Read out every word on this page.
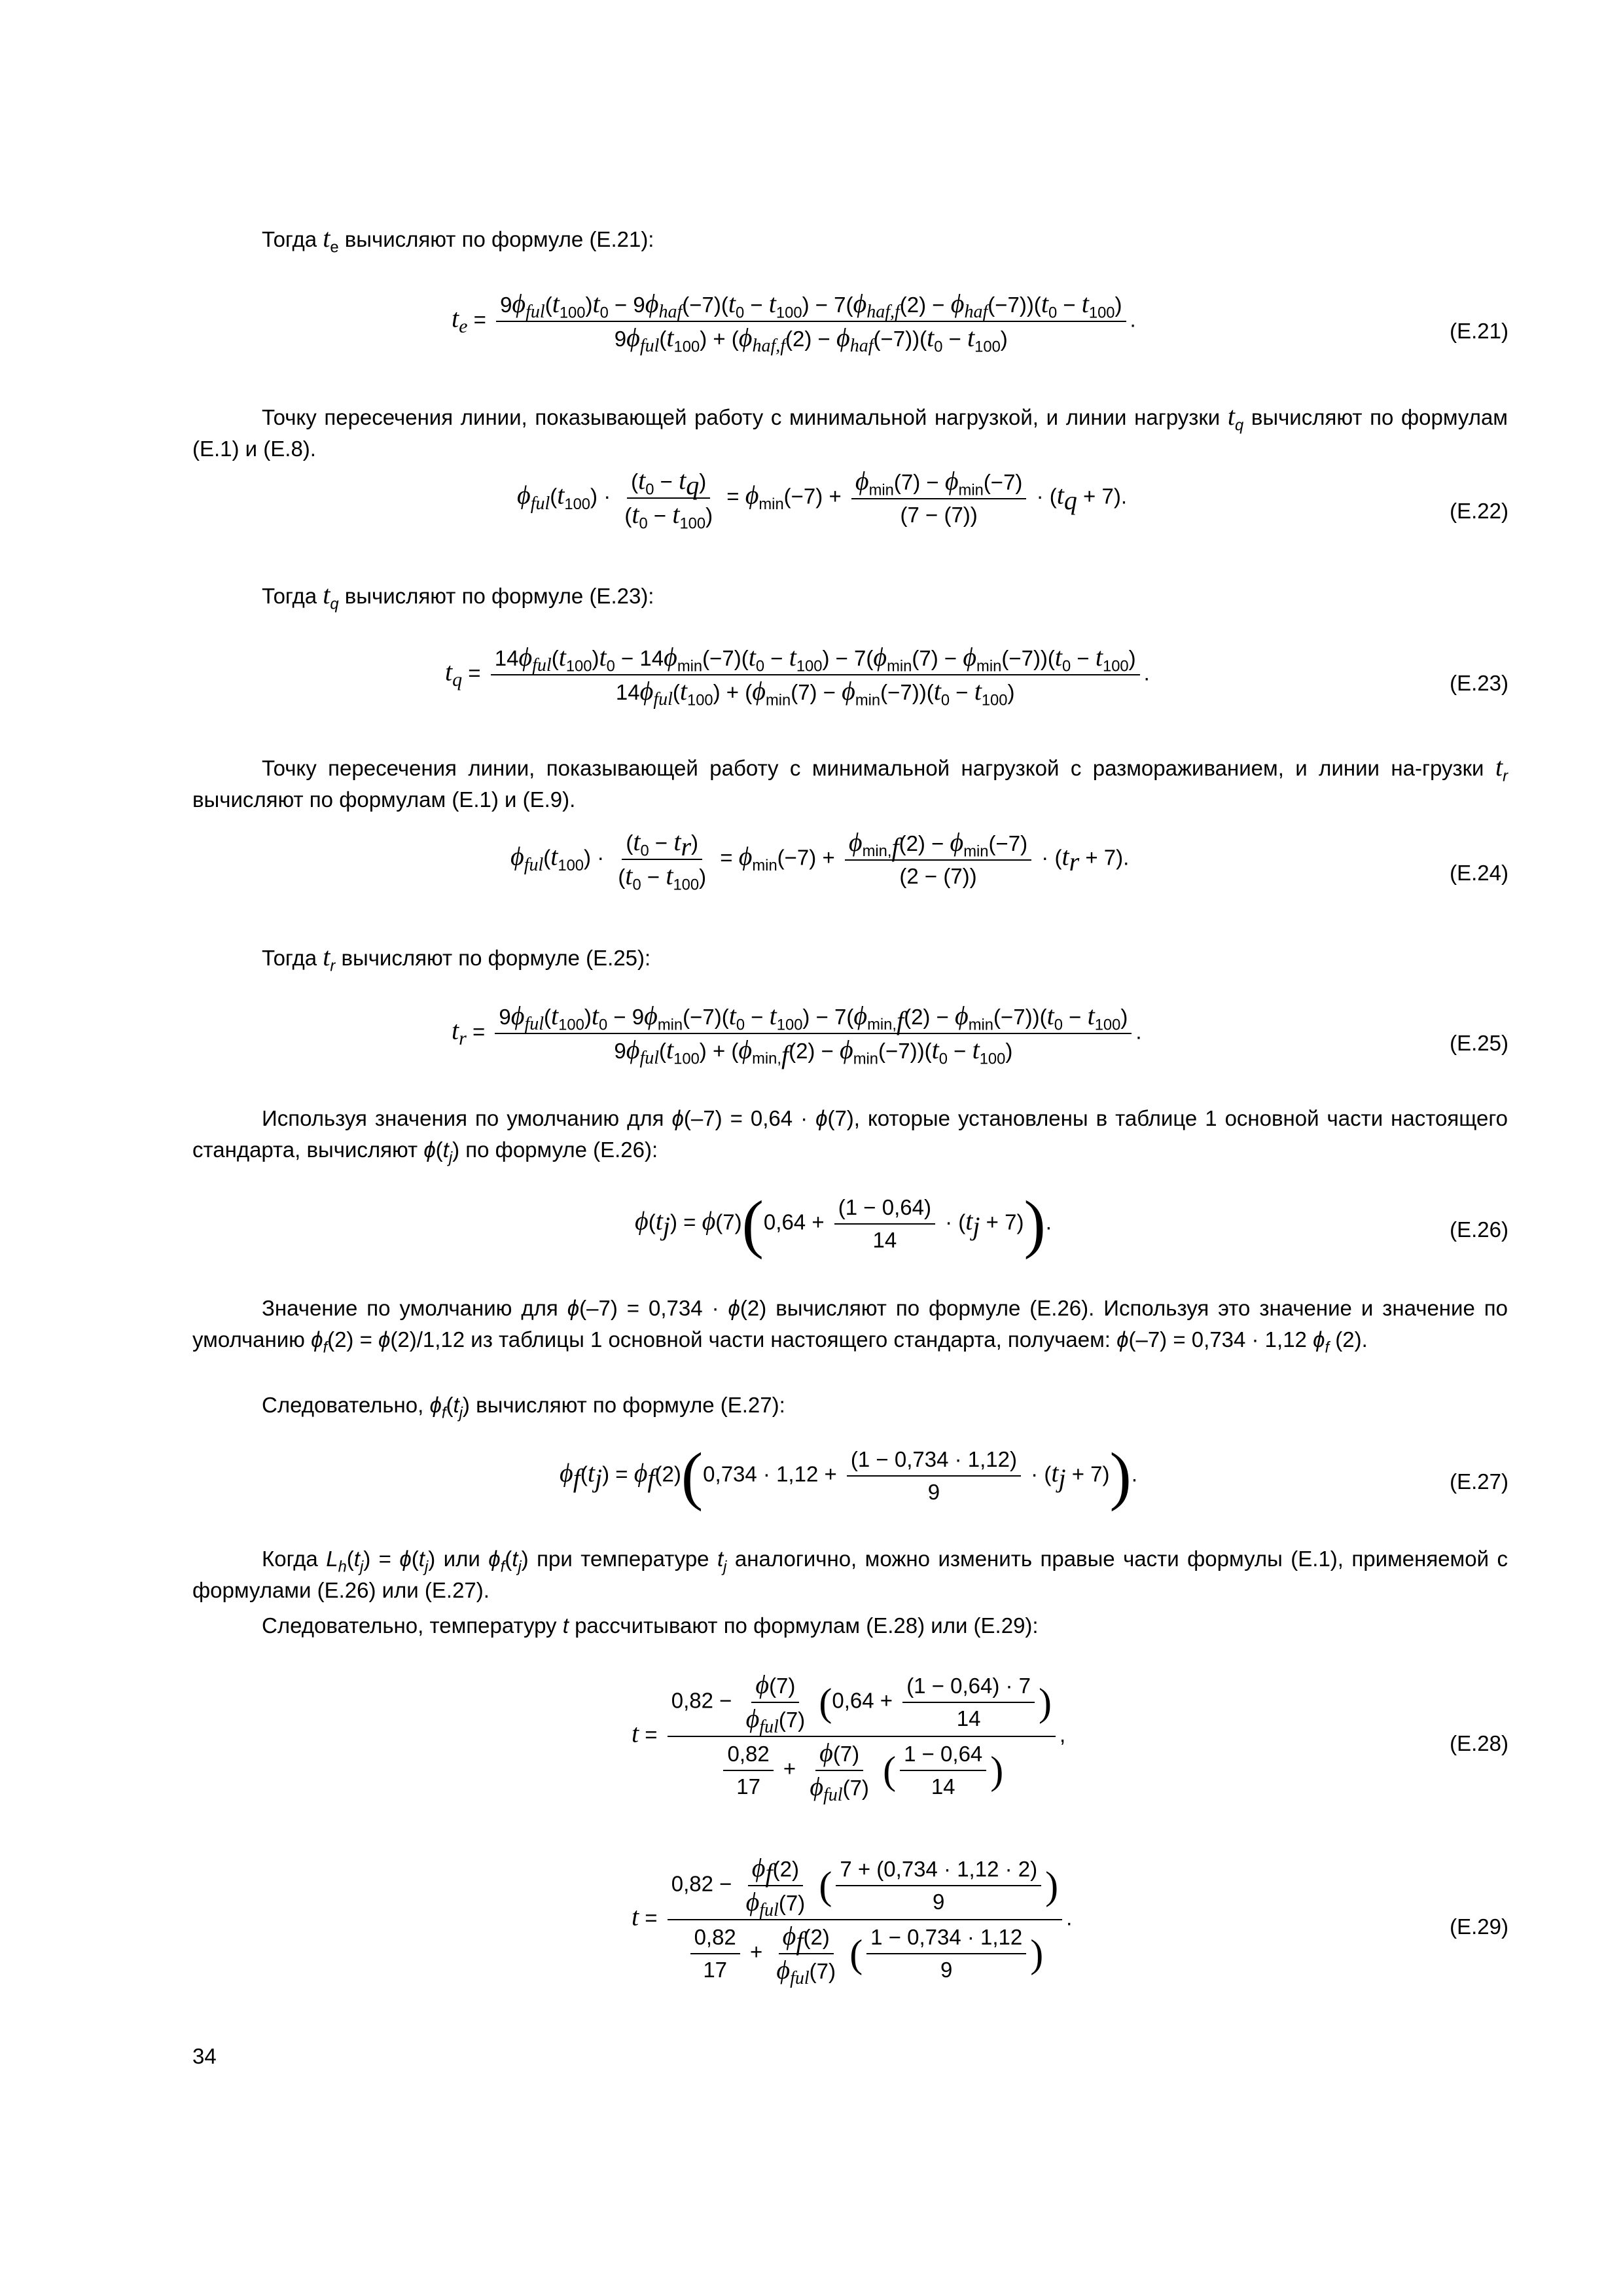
Тогда $t_e$ вычисляют по формуле (Е.21):
$t_e$ =
$9\phi_{ful}(t_{100})t_0 - 9\phi_{haf}(-7)(t_0 - t_{100}) - 7(\phi_{haf,f}(2) - \phi_{haf}(-7))(t_0 - t_{100})$
$9\phi_{ful}(t_{100}) + (\phi_{haf,f}(2) - \phi_{haf}(-7))(t_0 - t_{100})$
.	(Е.21)
Точку пересечения линии, показывающей работу с минимальной нагрузкой, и линии нагрузки $t_q$ вычисляют по формулам (Е.1) и (Е.8).
$\phi_{ful}(t_{100}) \cdot \frac{(t_0 - t_q)}{(t_0 - t_{100})} = \phi_{min}(-7) + \frac{\phi_{min}(7) - \phi_{min}(-7)}{(7 - (7))} \cdot (t_q + 7)$.
(Е.22)
Тогда $t_q$ вычисляют по формуле (Е.23):
$t_q$ =
$14\phi_{ful}(t_{100})t_0 - 14\phi_{min}(-7)(t_0 - t_{100}) - 7(\phi_{min}(7) - \phi_{min}(-7))(t_0 - t_{100})$
$14\phi_{ful}(t_{100}) + (\phi_{min}(7) - \phi_{min}(-7))(t_0 - t_{100})$
.	(Е.23)
Точку пересечения линии, показывающей работу с минимальной нагрузкой с размораживанием, и линии на-грузки $t_r$ вычисляют по формулам (Е.1) и (Е.9).
$\phi_{ful}(t_{100}) \cdot \frac{(t_0 - t_r)}{(t_0 - t_{100})} = \phi_{min}(-7) + \frac{\phi_{min,f}(2) - \phi_{min}(-7)}{(2 - (7))} \cdot (t_r + 7)$.
(Е.24)
Тогда $t_r$ вычисляют по формуле (Е.25):
$t_r$ =
$9\phi_{ful}(t_{100})t_0 - 9\phi_{min}(-7)(t_0 - t_{100}) - 7(\phi_{min,f}(2) - \phi_{min}(-7))(t_0 - t_{100})$
$9\phi_{ful}(t_{100}) + (\phi_{min,f}(2) - \phi_{min}(-7))(t_0 - t_{100})$
.	(Е.25)
Используя значения по умолчанию для ϕ(–7) = 0,64 · ϕ(7), которые установлены в таблице 1 основной части настоящего стандарта, вычисляют $\phi(t_j)$ по формуле (Е.26):
$\phi(t_j) = \phi(7)(0,64 + \frac{(1 - 0,64)}{14} \cdot (t_j + 7))$.	(Е.26)
Значение по умолчанию для ϕ(–7) = 0,734 · ϕ(2) вычисляют по формуле (Е.26). Используя это значение и значение по умолчанию $\phi_f(2) = \phi(2)/1,12$ из таблицы 1 основной части настоящего стандарта, получаем: ϕ(–7) = 0,734 · 1,12 $\phi_f$ (2).
Следовательно, $\phi_f(t_j)$ вычисляют по формуле (Е.27):
$\phi_f(t_j) = \phi_f(2)(0,734 \cdot 1,12 + \frac{(1 - 0,734 \cdot 1,12)}{9} \cdot (t_j + 7))$.	(Е.27)
Когда $L_h(t_j) = \phi(t_j)$ или $\phi_f(t_j)$ при температуре $t_j$ аналогично, можно изменить правые части формулы (Е.1), применяемой с формулами (Е.26) или (Е.27).
Следовательно, температуру t рассчитывают по формулам (Е.28) или (Е.29):
$t = \frac{0,82 - \frac{\phi(7)}{\phi_{ful}(7)} (0,64 + \frac{(1 - 0,64) \cdot 7}{14} )}{\frac{0,82}{17} + \frac{\phi(7)}{\phi_{ful}(7)} ( \frac{1 - 0,64}{14} )}$ ,	(Е.28)
t =
$0,82 - \frac{\phi_f(2)}{\phi_{ful}(7)}$ ( $\frac{7 + (0,734 \cdot 1,12 \cdot 2)}{9}$ )
$\frac{0,82}{17} + \frac{\phi_f(2)}{\phi_{ful}(7)}$ ( $\frac{1 - 0,734 \cdot 1,12}{9}$ )
.	(Е.29)
34
